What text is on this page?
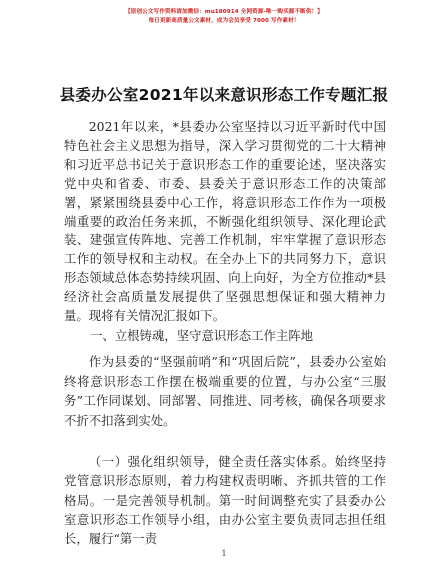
【原创公文写作资料请加微信：mu180914 全网资源-唯一购买源不断供！】
每日更新高质量公文素材，成为会员享受 7000 写作素材！
县委办公室2021年以来意识形态工作专题汇报

2021年以来，*县委办公室坚持以习近平新时代中国特色社会主义思想为指导，深入学习贯彻党的二十大精神和习近平总书记关于意识形态工作的重要论述，坚决落实党中央和省委、市委、县委关于意识形态工作的决策部署，紧紧围绕县委中心工作，将意识形态工作作为一项极端重要的政治任务来抓，不断强化组织领导、深化理论武装、建强宣传阵地、完善工作机制，牢牢掌握了意识形态工作的领导权和主动权。在全办上下的共同努力下，意识形态领域总体态势持续巩固、向上向好，为全方位推动*县经济社会高质量发展提供了坚强思想保证和强大精神力量。现将有关情况汇报如下。

一、立根铸魂，坚守意识形态工作主阵地

作为县委的“坚强前哨”和“巩固后院”，县委办公室始终将意识形态工作摆在极端重要的位置，与办公室“三服务”工作同谋划、同部署、同推进、同考核，确保各项要求不折不扣落到实处。

（一）强化组织领导，健全责任落实体系。始终坚持党管意识形态原则，着力构建权责明晰、齐抓共管的工作格局。一是完善领导机制。第一时间调整充实了县委办公室意识形态工作领导小组，由办公室主要负责同志担任组长，履行“第一责

1
